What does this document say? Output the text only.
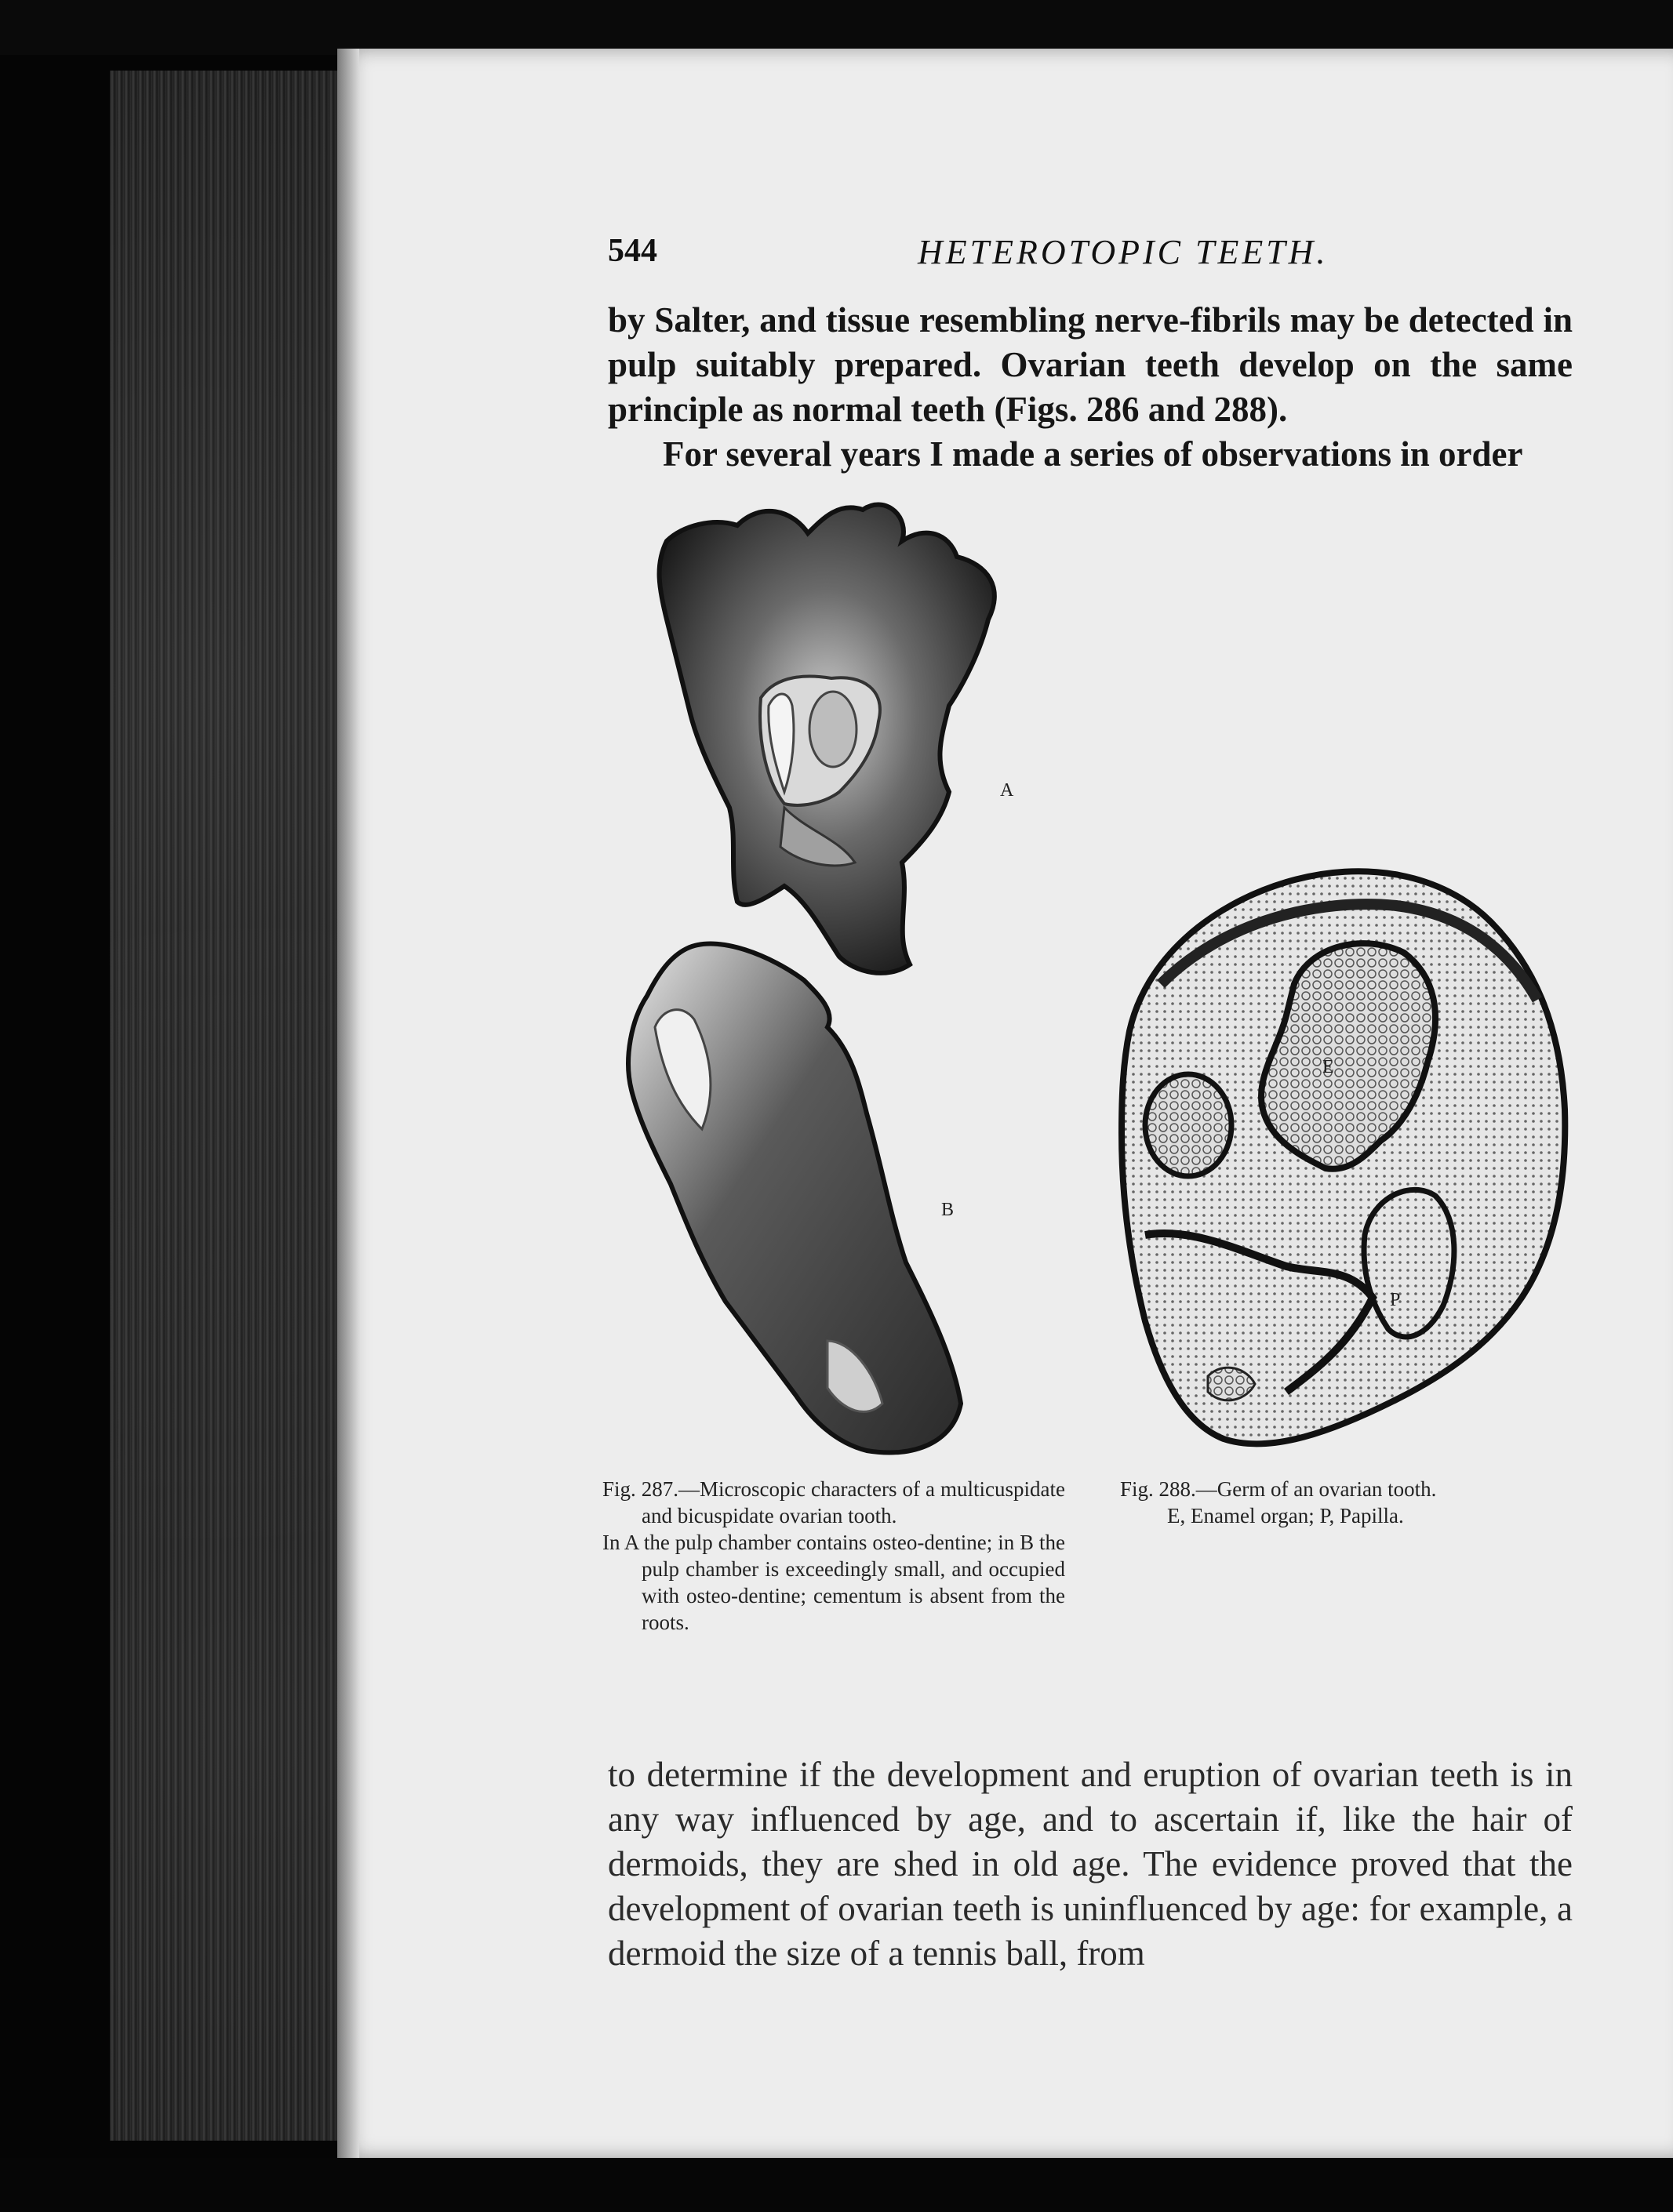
544	HETEROTOPIC TEETH.

by Salter, and tissue resembling nerve-fibrils may be detected in pulp suitably prepared. Ovarian teeth develop on the same principle as normal teeth (Figs. 286 and 288).

For several years I made a series of observations in order

A
B
E
P

Fig. 287.—Microscopic characters of a multicuspidate and bicuspidate ovarian tooth.

In A the pulp chamber contains osteo-dentine; in B the pulp chamber is exceedingly small, and occupied with osteo-dentine; cementum is absent from the roots.

Fig. 288.—Germ of an ovarian tooth.

E, Enamel organ; P, Papilla.

to determine if the development and eruption of ovarian teeth is in any way influenced by age, and to ascertain if, like the hair of dermoids, they are shed in old age. The evidence proved that the development of ovarian teeth is uninfluenced by age: for example, a dermoid the size of a tennis ball, from
